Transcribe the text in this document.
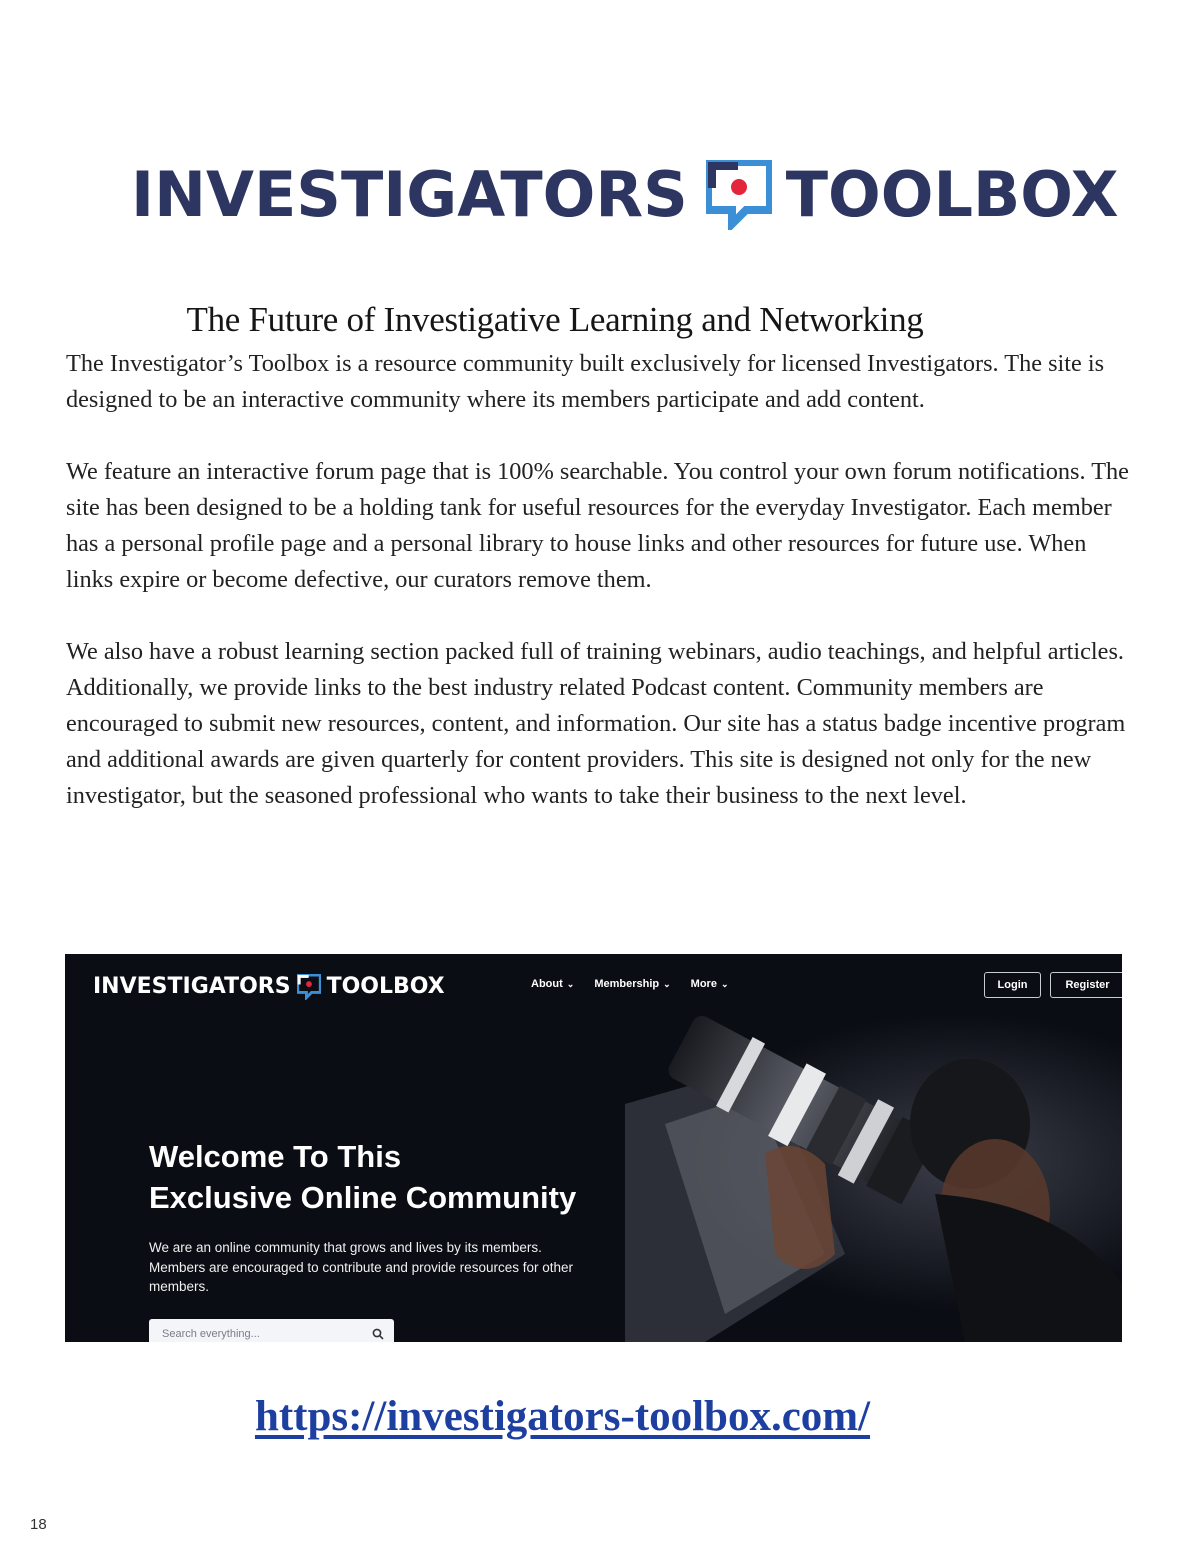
INVESTIGATORS TOOLBOX
The Future of Investigative Learning and Networking

The Investigator’s Toolbox is a resource community built exclusively for licensed Investigators. The site is designed to be an interactive community where its members participate and add content.

We feature an interactive forum page that is 100% searchable. You control your own forum notifications. The site has been designed to be a holding tank for useful resources for the everyday Investigator. Each member has a personal profile page and a personal library to house links and other resources for future use. When links expire or become defective, our curators remove them.

We also have a robust learning section packed full of training webinars, audio teachings, and helpful articles. Additionally, we provide links to the best industry related Podcast content. Community members are encouraged to submit new resources, content, and information. Our site has a status badge incentive program and additional awards are given quarterly for content providers. This site is designed not only for the new investigator, but the seasoned professional who wants to take their business to the next level.

INVESTIGATORS TOOLBOX	About ⌄ Membership ⌄ More ⌄	Login	Register
Welcome To This
Exclusive Online Community

We are an online community that grows and lives by its members. Members are encouraged to contribute and provide resources for other members.

Search everything...
https://investigators-toolbox.com/
18
